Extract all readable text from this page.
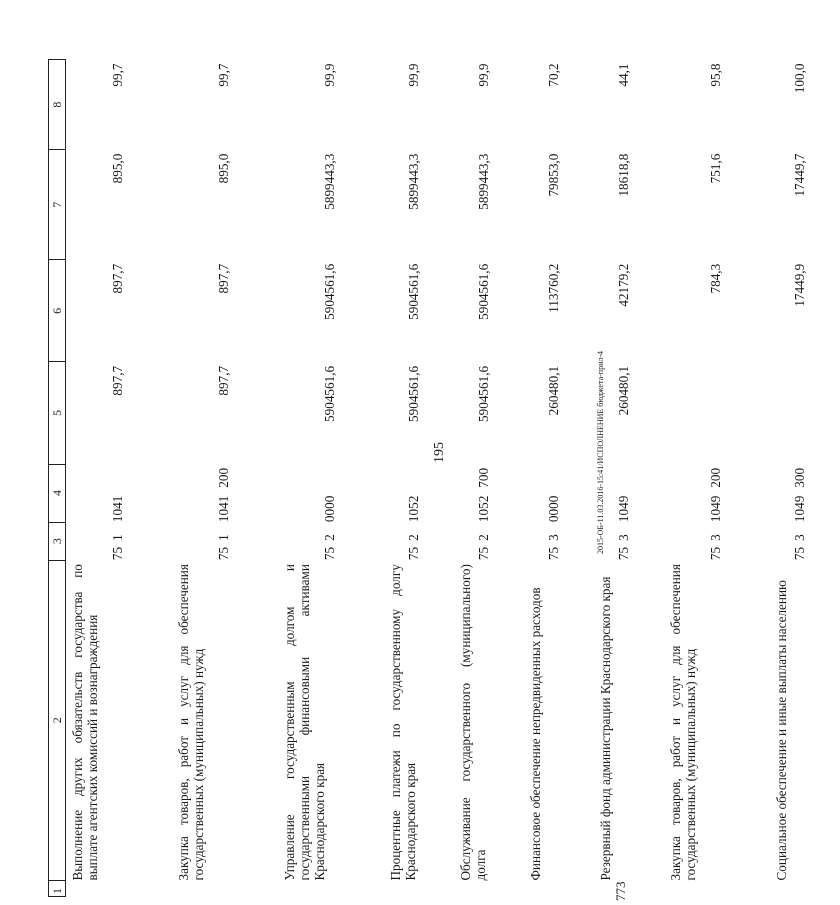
195
1	2	3	4	5	6	7	8
	Выполнение других обязательств государства по выплате агентских комиссий и вознаграждения	751	1041	897,7	897,7	895,0	99,7
	Закупка товаров, работ и услуг для обеспечения государственных (муниципальных) нужд	751	1041200	897,7	897,7	895,0	99,7
	Управление государственным долгом и государственными финансовыми активами Краснодарского края	752	0000	5904561,6	5904561,6	5899443,3	99,9
	Процентные платежи по государственному долгу Краснодарского края	752	1052	5904561,6	5904561,6	5899443,3	99,9
	Обслуживание государственного (муниципального) долга	752	1052700	5904561,6	5904561,6	5899443,3	99,9
	Финансовое обеспечение непредвиденных расходов	753	0000	260480,1	113760,2	79853,0	70,2
	Резервный фонд администрации Краснодарского края	753	1049	260480,1	42179,2	18618,8	44,1
	Закупка товаров, работ и услуг для обеспечения государственных (муниципальных) нужд	753	1049200		784,3	751,6	95,8
	Социальное обеспечение и иные выплаты населению	753	1049300		17449,9	17449,7	100,0
2015-ОБ-11.03.2016-15:41/ИСПОЛНЕНИЕ бюджета-прил-4
773
